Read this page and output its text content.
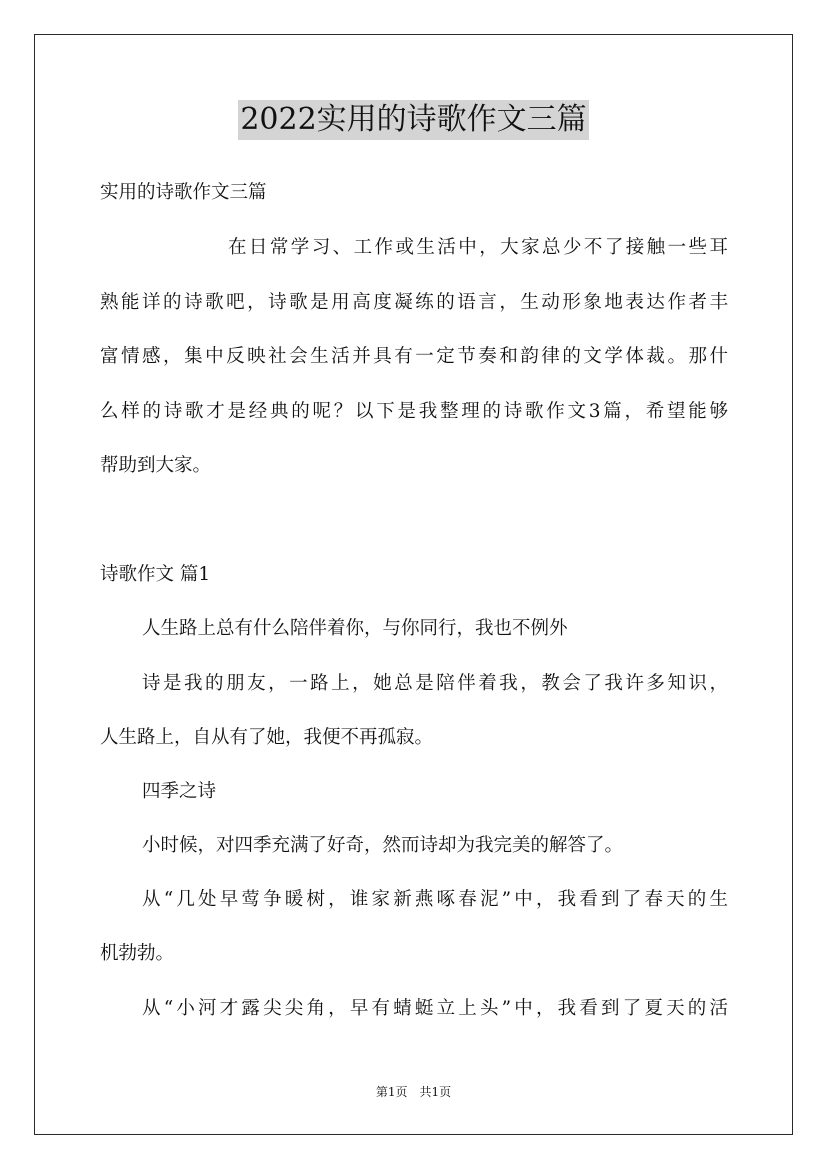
2022实用的诗歌作文三篇
实用的诗歌作文三篇
在日常学习、工作或生活中，大家总少不了接触一些耳
熟能详的诗歌吧，诗歌是用高度凝练的语言，生动形象地表达作者丰
富情感，集中反映社会生活并具有一定节奏和韵律的文学体裁。那什
么样的诗歌才是经典的呢？以下是我整理的诗歌作文3篇，希望能够
帮助到大家。
诗歌作文 篇1
人生路上总有什么陪伴着你，与你同行，我也不例外
诗是我的朋友，一路上，她总是陪伴着我，教会了我许多知识，
人生路上，自从有了她，我便不再孤寂。
四季之诗
小时候，对四季充满了好奇，然而诗却为我完美的解答了。
从“几处早莺争暖树，谁家新燕啄春泥”中，我看到了春天的生
机勃勃。
从“小河才露尖尖角，早有蜻蜓立上头”中，我看到了夏天的活
第1页　共1页
